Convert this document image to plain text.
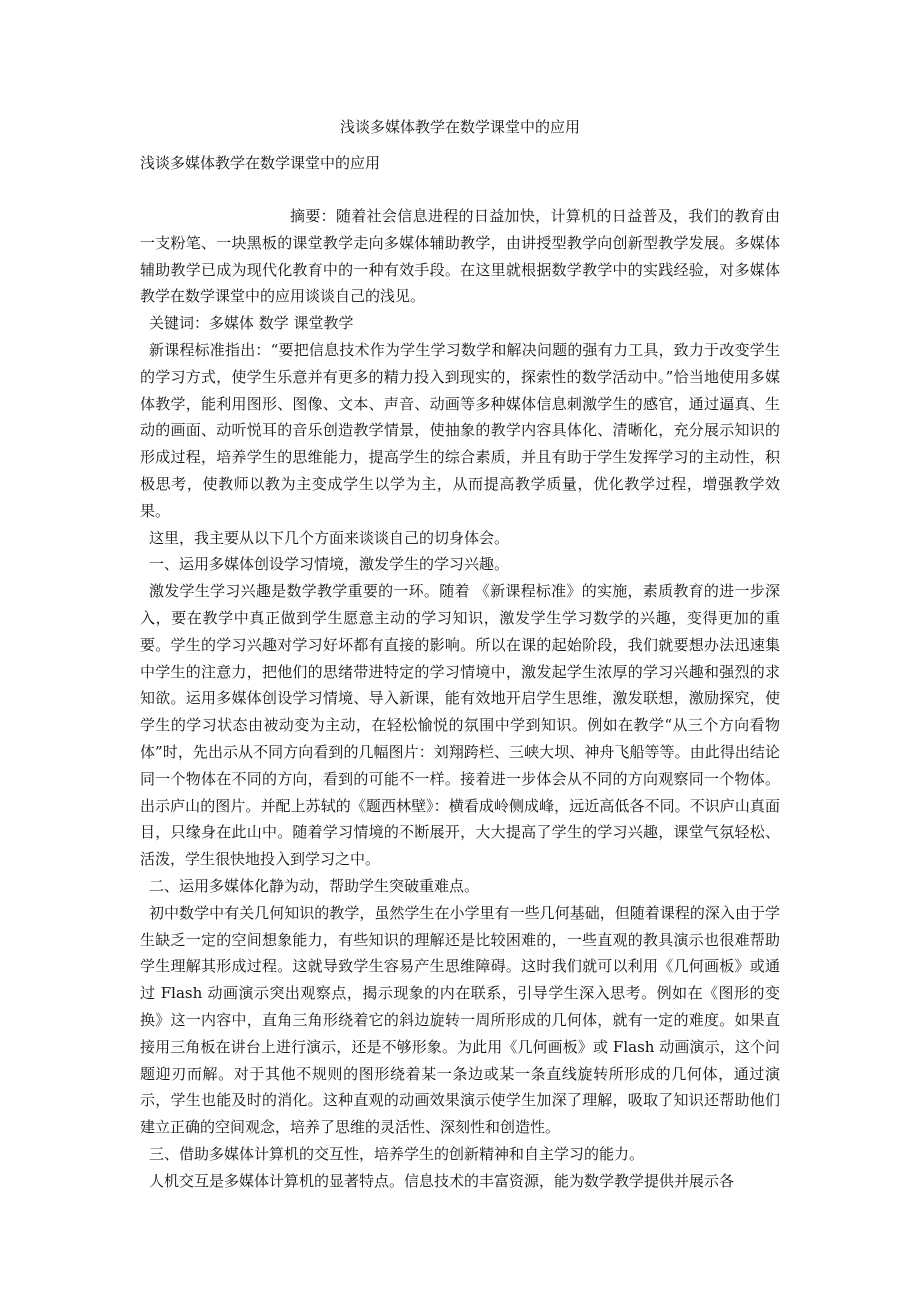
浅谈多媒体教学在数学课堂中的应用
浅谈多媒体教学在数学课堂中的应用

摘要：随着社会信息进程的日益加快，计算机的日益普及，我们的教育由一支粉笔、一块黑板的课堂教学走向多媒体辅助教学，由讲授型教学向创新型教学发展。多媒体辅助教学已成为现代化教育中的一种有效手段。在这里就根据数学教学中的实践经验，对多媒体教学在数学课堂中的应用谈谈自己的浅见。

关键词：多媒体 数学 课堂教学

新课程标准指出：“要把信息技术作为学生学习数学和解决问题的强有力工具，致力于改变学生的学习方式，使学生乐意并有更多的精力投入到现实的，探索性的数学活动中。”恰当地使用多媒体教学，能利用图形、图像、文本、声音、动画等多种媒体信息刺激学生的感官，通过逼真、生动的画面、动听悦耳的音乐创造教学情景，使抽象的教学内容具体化、清晰化，充分展示知识的形成过程，培养学生的思维能力，提高学生的综合素质，并且有助于学生发挥学习的主动性，积极思考，使教师以教为主变成学生以学为主，从而提高教学质量，优化教学过程，增强教学效果。

这里，我主要从以下几个方面来谈谈自己的切身体会。

一、运用多媒体创设学习情境，激发学生的学习兴趣。

激发学生学习兴趣是数学教学重要的一环。随着 《新课程标准》的实施，素质教育的进一步深入，要在教学中真正做到学生愿意主动的学习知识，激发学生学习数学的兴趣，变得更加的重要。学生的学习兴趣对学习好坏都有直接的影响。所以在课的起始阶段，我们就要想办法迅速集中学生的注意力，把他们的思绪带进特定的学习情境中，激发起学生浓厚的学习兴趣和强烈的求知欲。运用多媒体创设学习情境、导入新课，能有效地开启学生思维，激发联想，激励探究，使学生的学习状态由被动变为主动，在轻松愉悦的氛围中学到知识。例如在教学“从三个方向看物体”时，先出示从不同方向看到的几幅图片：刘翔跨栏、三峡大坝、神舟飞船等等。由此得出结论 同一个物体在不同的方向，看到的可能不一样。接着进一步体会从不同的方向观察同一个物体。出示庐山的图片。并配上苏轼的《题西林壁》：横看成岭侧成峰，远近高低各不同。不识庐山真面目，只缘身在此山中。随着学习情境的不断展开，大大提高了学生的学习兴趣，课堂气氛轻松、活泼，学生很快地投入到学习之中。

二、运用多媒体化静为动，帮助学生突破重难点。

初中数学中有关几何知识的教学，虽然学生在小学里有一些几何基础，但随着课程的深入由于学生缺乏一定的空间想象能力，有些知识的理解还是比较困难的，一些直观的教具演示也很难帮助学生理解其形成过程。这就导致学生容易产生思维障碍。这时我们就可以利用《几何画板》或通过 Flash 动画演示突出观察点，揭示现象的内在联系，引导学生深入思考。例如在《图形的变换》这一内容中，直角三角形绕着它的斜边旋转一周所形成的几何体，就有一定的难度。如果直接用三角板在讲台上进行演示，还是不够形象。为此用《几何画板》或 Flash 动画演示，这个问题迎刃而解。对于其他不规则的图形绕着某一条边或某一条直线旋转所形成的几何体，通过演示，学生也能及时的消化。这种直观的动画效果演示使学生加深了理解，吸取了知识还帮助他们建立正确的空间观念，培养了思维的灵活性、深刻性和创造性。

三、借助多媒体计算机的交互性，培养学生的创新精神和自主学习的能力。

人机交互是多媒体计算机的显著特点。信息技术的丰富资源，能为数学教学提供并展示各
